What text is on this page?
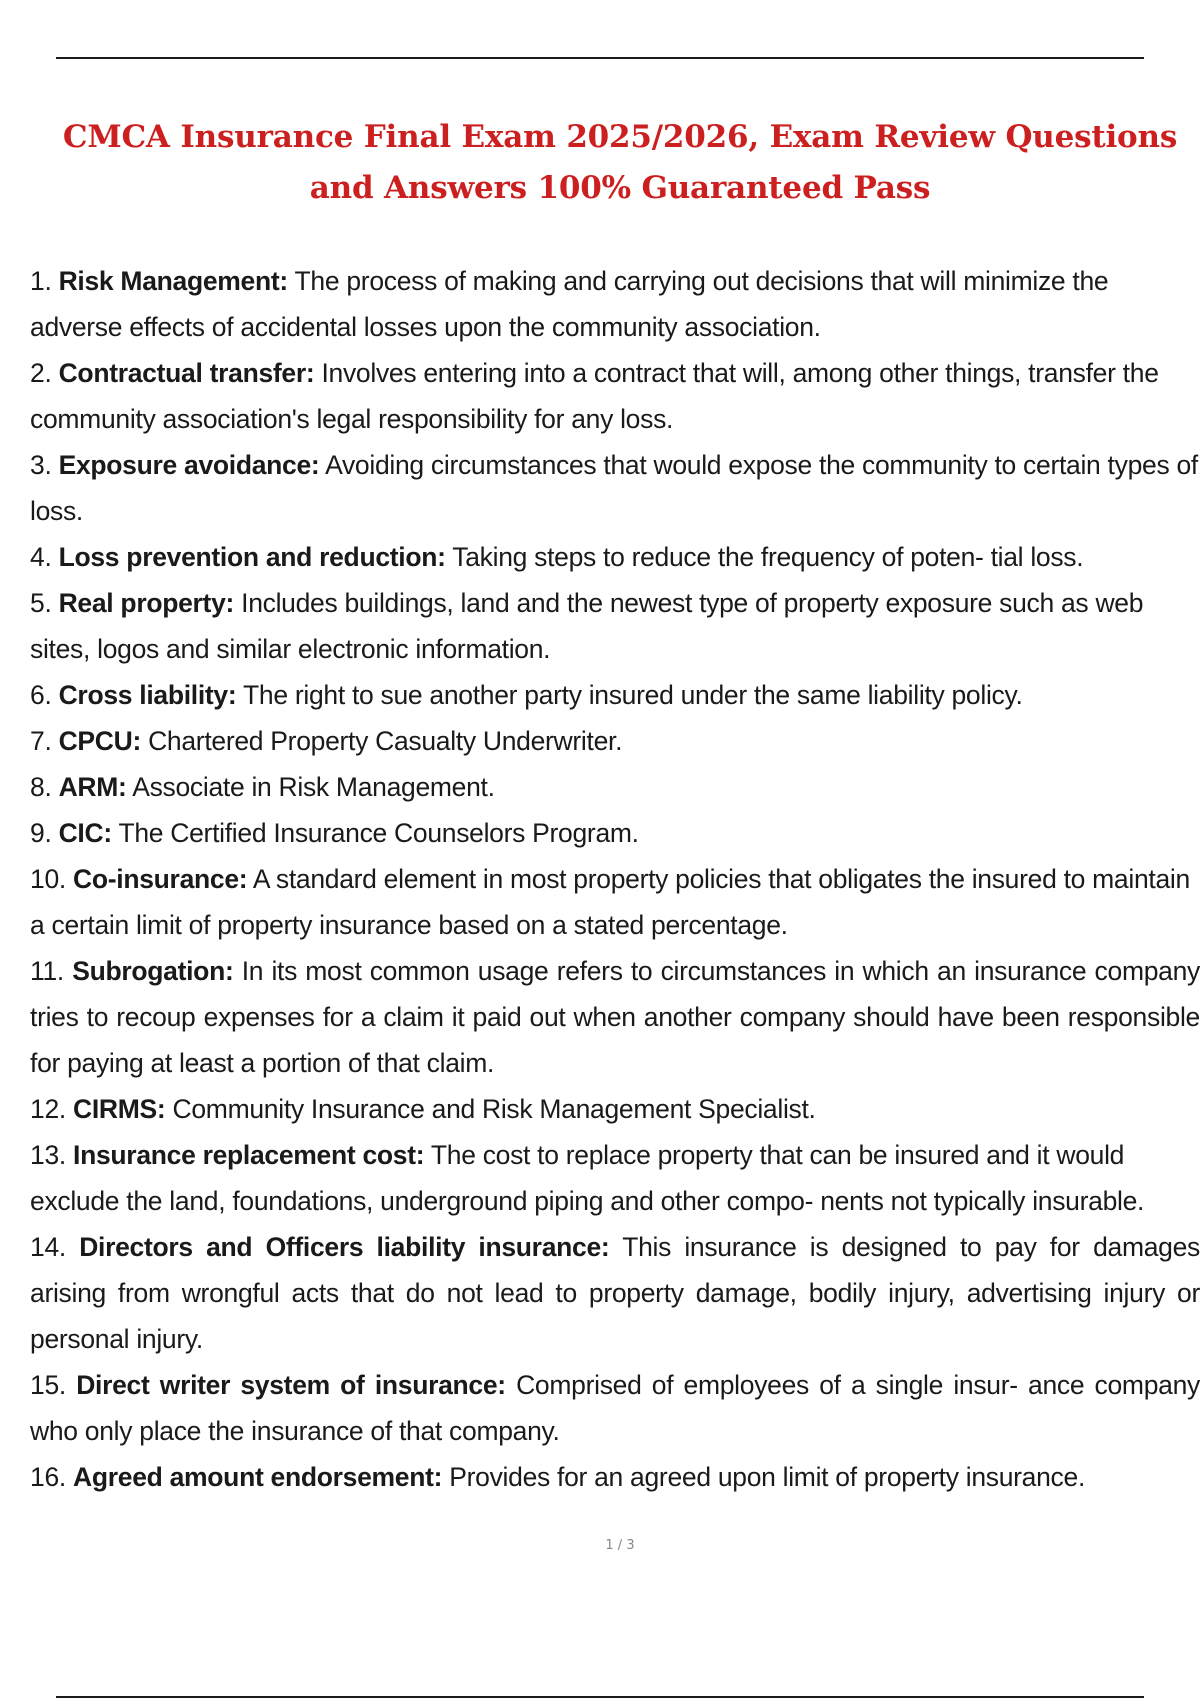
CMCA Insurance Final Exam 2025/2026, Exam Review Questions and Answers 100% Guaranteed Pass

1. Risk Management: The process of making and carrying out decisions that will minimize the adverse effects of accidental losses upon the community association.

2. Contractual transfer: Involves entering into a contract that will, among other things, transfer the community association's legal responsibility for any loss.

3. Exposure avoidance: Avoiding circumstances that would expose the community to certain types of loss.

4. Loss prevention and reduction: Taking steps to reduce the frequency of poten- tial loss.

5. Real property: Includes buildings, land and the newest type of property exposure such as web sites, logos and similar electronic information.

6. Cross liability: The right to sue another party insured under the same liability policy.

7. CPCU: Chartered Property Casualty Underwriter.

8. ARM: Associate in Risk Management.

9. CIC: The Certified Insurance Counselors Program.

10. Co-insurance: A standard element in most property policies that obligates the insured to maintain a certain limit of property insurance based on a stated percentage.

11. Subrogation: In its most common usage refers to circumstances in which an insurance company tries to recoup expenses for a claim it paid out when another company should have been responsible for paying at least a portion of that claim.

12. CIRMS: Community Insurance and Risk Management Specialist.

13. Insurance replacement cost: The cost to replace property that can be insured and it would exclude the land, foundations, underground piping and other compo- nents not typically insurable.

14. Directors and Officers liability insurance: This insurance is designed to pay for damages arising from wrongful acts that do not lead to property damage, bodily injury, advertising injury or personal injury.

15. Direct writer system of insurance: Comprised of employees of a single insur- ance company who only place the insurance of that company.

16. Agreed amount endorsement: Provides for an agreed upon limit of property insurance.

1 / 3
